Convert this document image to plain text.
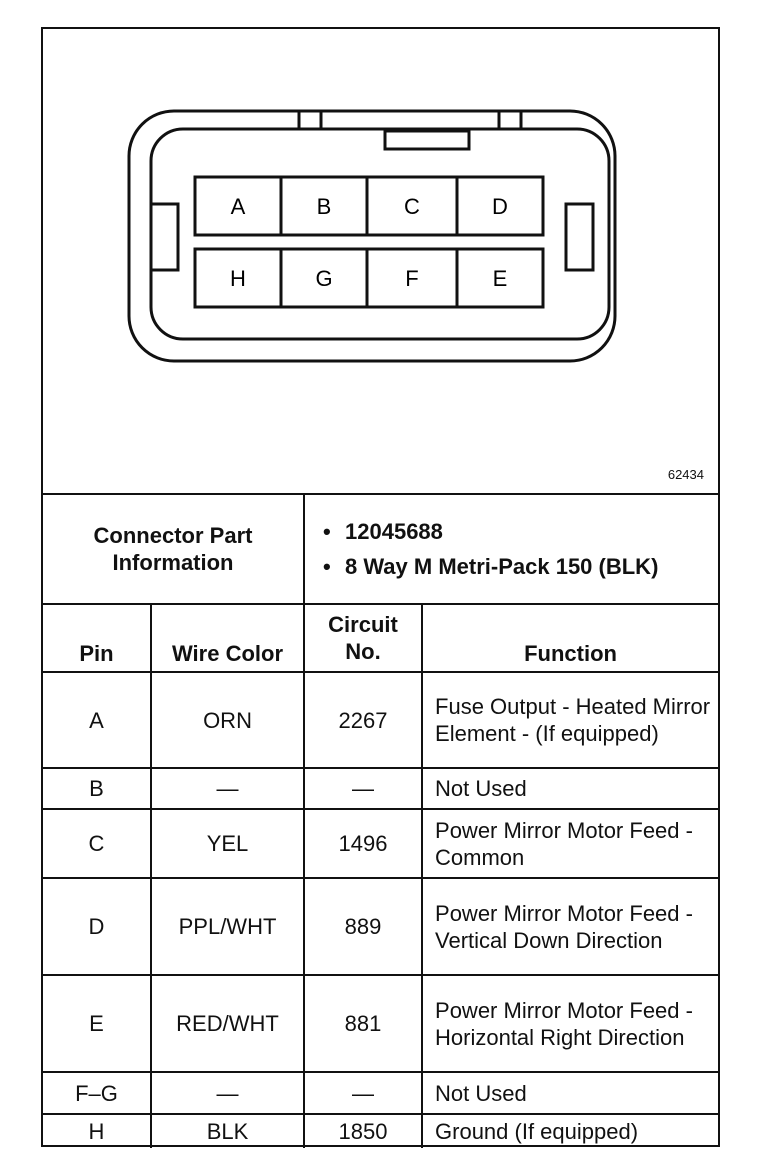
A	B	C	D
H	G	F	E
62434
Connector Part Information		• 12045688
• 8 Way M Metri-Pack 150 (BLK)

Pin	Wire Color	Circuit No.	Function
A	ORN	2267	Fuse Output - Heated Mirror Element - (If equipped)
B	—	—	Not Used
C	YEL	1496	Power Mirror Motor Feed - Common
D	PPL/WHT	889	Power Mirror Motor Feed - Vertical Down Direction
E	RED/WHT	881	Power Mirror Motor Feed - Horizontal Right Direction
F–G	—	—	Not Used
H	BLK	1850	Ground (If equipped)
